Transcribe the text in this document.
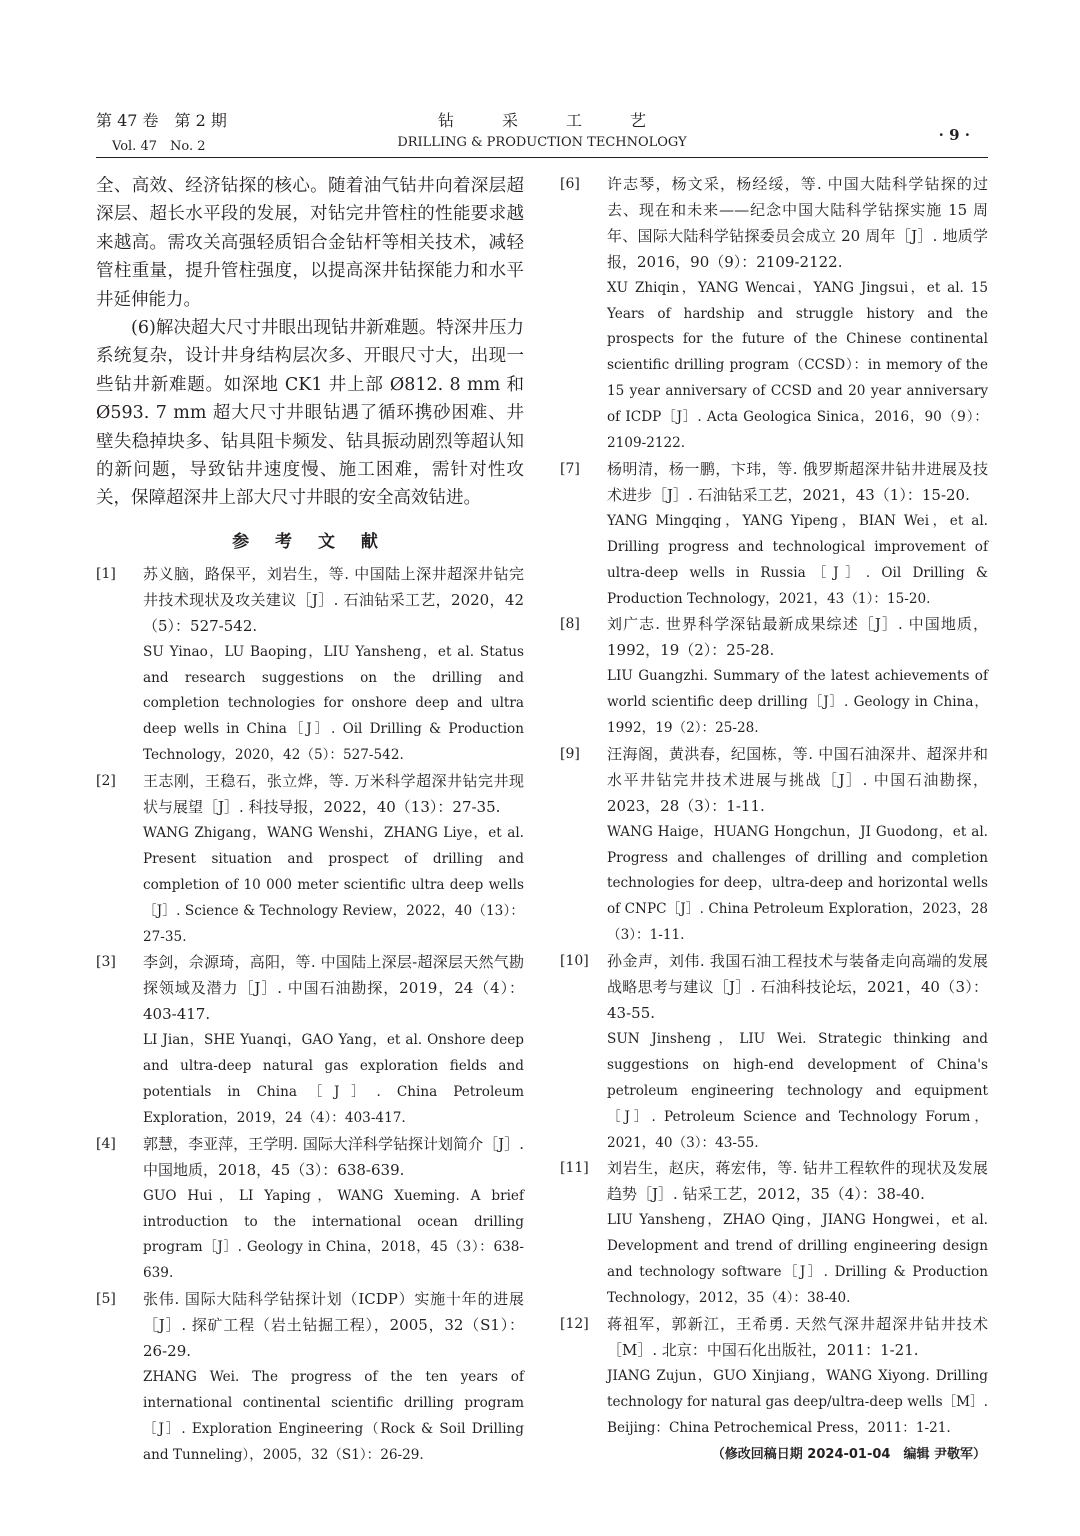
第 47 卷　第 2 期
Vol. 47　No. 2
钻采工艺
DRILLING & PRODUCTION TECHNOLOGY	· 9 ·

全、高效、经济钻探的核心。随着油气钻井向着深层超深层、超长水平段的发展，对钻完井管柱的性能要求越来越高。需攻关高强轻质铝合金钻杆等相关技术，减轻管柱重量，提升管柱强度，以提高深井钻探能力和水平井延伸能力。

(6)解决超大尺寸井眼出现钻井新难题。特深井压力系统复杂，设计井身结构层次多、开眼尺寸大，出现一些钻井新难题。如深地 CK1 井上部 Ø812. 8 mm 和 Ø593. 7 mm 超大尺寸井眼钻遇了循环携砂困难、井壁失稳掉块多、钻具阻卡频发、钻具振动剧烈等超认知的新问题，导致钻井速度慢、施工困难，需针对性攻关，保障超深井上部大尺寸井眼的安全高效钻进。

参 考 文 献
[1] 苏义脑，路保平，刘岩生，等. 中国陆上深井超深井钻完井技术现状及攻关建议［J］. 石油钻采工艺，2020，42（5）：527-542.
SU Yinao，LU Baoping，LIU Yansheng，et al. Status and research suggestions on the drilling and completion technologies for onshore deep and ultra deep wells in China［J］. Oil Drilling & Production Technology，2020，42（5）：527-542.
[2] 王志刚，王稳石，张立烨，等. 万米科学超深井钻完井现状与展望［J］. 科技导报，2022，40（13）：27-35.
WANG Zhigang，WANG Wenshi，ZHANG Liye，et al. Present situation and prospect of drilling and completion of 10 000 meter scientific ultra deep wells［J］. Science & Technology Review，2022，40（13）：27-35.
[3] 李剑，佘源琦，高阳，等. 中国陆上深层-超深层天然气勘探领域及潜力［J］. 中国石油勘探，2019，24（4）：403-417.
LI Jian，SHE Yuanqi，GAO Yang，et al. Onshore deep and ultra-deep natural gas exploration fields and potentials in China［J］. China Petroleum Exploration，2019，24（4）：403-417.
[4] 郭慧，李亚萍，王学明. 国际大洋科学钻探计划简介［J］. 中国地质，2018，45（3）：638-639.
GUO Hui，LI Yaping，WANG Xueming. A brief introduction to the international ocean drilling program［J］. Geology in China，2018，45（3）：638-639.
[5] 张伟. 国际大陆科学钻探计划（ICDP）实施十年的进展［J］. 探矿工程（岩土钻掘工程），2005，32（S1）：26-29.
ZHANG Wei. The progress of the ten years of international continental scientific drilling program［J］. Exploration Engineering（Rock & Soil Drilling and Tunneling），2005，32（S1）：26-29.
[6] 许志琴，杨文采，杨经绥，等. 中国大陆科学钻探的过去、现在和未来——纪念中国大陆科学钻探实施 15 周年、国际大陆科学钻探委员会成立 20 周年［J］. 地质学报，2016，90（9）：2109-2122.
XU Zhiqin，YANG Wencai，YANG Jingsui，et al. 15 Years of hardship and struggle history and the prospects for the future of the Chinese continental scientific drilling program（CCSD）：in memory of the 15 year anniversary of CCSD and 20 year anniversary of ICDP［J］. Acta Geologica Sinica，2016，90（9）：2109-2122.
[7] 杨明清，杨一鹏，卞玮，等. 俄罗斯超深井钻井进展及技术进步［J］. 石油钻采工艺，2021，43（1）：15-20.
YANG Mingqing，YANG Yipeng，BIAN Wei，et al. Drilling progress and technological improvement of ultra-deep wells in Russia［J］. Oil Drilling & Production Technology，2021，43（1）：15-20.
[8] 刘广志. 世界科学深钻最新成果综述［J］. 中国地质，1992，19（2）：25-28.
LIU Guangzhi. Summary of the latest achievements of world scientific deep drilling［J］. Geology in China，1992，19（2）：25-28.
[9] 汪海阁，黄洪春，纪国栋，等. 中国石油深井、超深井和水平井钻完井技术进展与挑战［J］. 中国石油勘探，2023，28（3）：1-11.
WANG Haige，HUANG Hongchun，JI Guodong，et al. Progress and challenges of drilling and completion technologies for deep，ultra-deep and horizontal wells of CNPC［J］. China Petroleum Exploration，2023，28（3）：1-11.
[10] 孙金声，刘伟. 我国石油工程技术与装备走向高端的发展战略思考与建议［J］. 石油科技论坛，2021，40（3）：43-55.
SUN Jinsheng，LIU Wei. Strategic thinking and suggestions on high-end development of China's petroleum engineering technology and equipment［J］. Petroleum Science and Technology Forum，2021，40（3）：43-55.
[11] 刘岩生，赵庆，蒋宏伟，等. 钻井工程软件的现状及发展趋势［J］. 钻采工艺，2012，35（4）：38-40.
LIU Yansheng，ZHAO Qing，JIANG Hongwei，et al. Development and trend of drilling engineering design and technology software［J］. Drilling & Production Technology，2012，35（4）：38-40.
[12] 蒋祖军，郭新江，王希勇. 天然气深井超深井钻井技术［M］. 北京：中国石化出版社，2011：1-21.
JIANG Zujun，GUO Xinjiang，WANG Xiyong. Drilling technology for natural gas deep/ultra-deep wells［M］. Beijing：China Petrochemical Press，2011：1-21.
（修改回稿日期 2024-01-04　编辑 尹敬军）
